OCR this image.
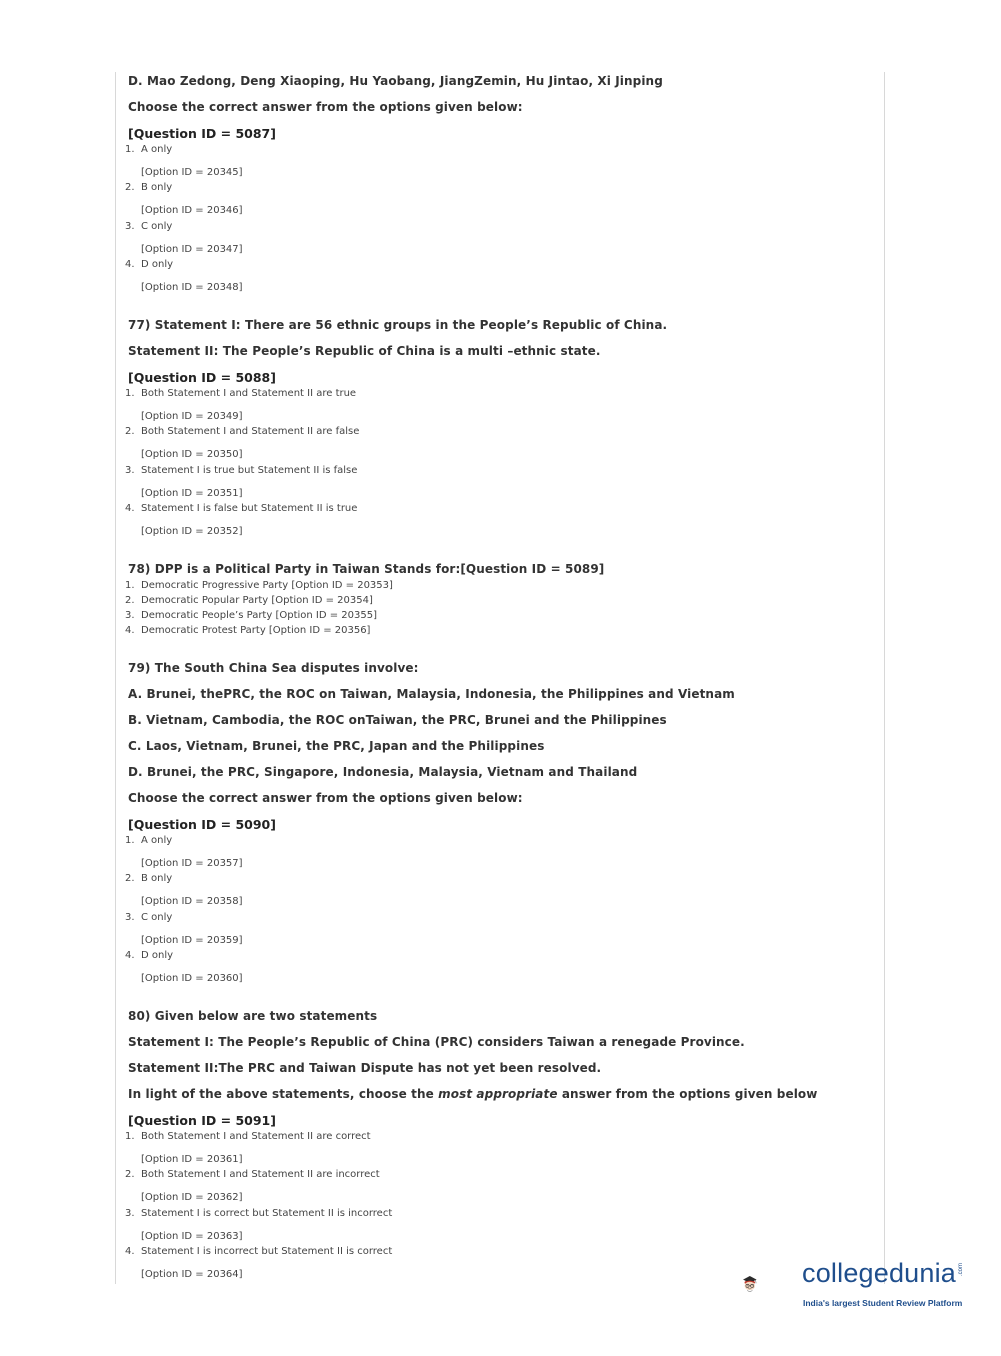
D. Mao Zedong, Deng Xiaoping, Hu Yaobang, JiangZemin, Hu Jintao, Xi Jinping
Choose the correct answer from the options given below:
[Question ID = 5087]
1. A only
[Option ID = 20345]
2. B only
[Option ID = 20346]
3. C only
[Option ID = 20347]
4. D only
[Option ID = 20348]
77) Statement I: There are 56 ethnic groups in the People’s Republic of China.
Statement II: The People’s Republic of China is a multi –ethnic state.
[Question ID = 5088]
1. Both Statement I and Statement II are true
[Option ID = 20349]
2. Both Statement I and Statement II are false
[Option ID = 20350]
3. Statement I is true but Statement II is false
[Option ID = 20351]
4. Statement I is false but Statement II is true
[Option ID = 20352]
78) DPP is a Political Party in Taiwan Stands for:[Question ID = 5089]
1. Democratic Progressive Party [Option ID = 20353]
2. Democratic Popular Party [Option ID = 20354]
3. Democratic People’s Party [Option ID = 20355]
4. Democratic Protest Party [Option ID = 20356]
79) The South China Sea disputes involve:
A. Brunei, thePRC, the ROC on Taiwan, Malaysia, Indonesia, the Philippines and Vietnam
B. Vietnam, Cambodia, the ROC onTaiwan, the PRC, Brunei and the Philippines
C. Laos, Vietnam, Brunei, the PRC, Japan and the Philippines
D. Brunei, the PRC, Singapore, Indonesia, Malaysia, Vietnam and Thailand
Choose the correct answer from the options given below:
[Question ID = 5090]
1. A only
[Option ID = 20357]
2. B only
[Option ID = 20358]
3. C only
[Option ID = 20359]
4. D only
[Option ID = 20360]
80) Given below are two statements
Statement I: The People’s Republic of China (PRC) considers Taiwan a renegade Province.
Statement II:The PRC and Taiwan Dispute has not yet been resolved.
In light of the above statements, choose the most appropriate answer from the options given below
[Question ID = 5091]
1. Both Statement I and Statement II are correct
[Option ID = 20361]
2. Both Statement I and Statement II are incorrect
[Option ID = 20362]
3. Statement I is correct but Statement II is incorrect
[Option ID = 20363]
4. Statement I is incorrect but Statement II is correct
[Option ID = 20364]	collegedunia .com
India's largest Student Review Platform
